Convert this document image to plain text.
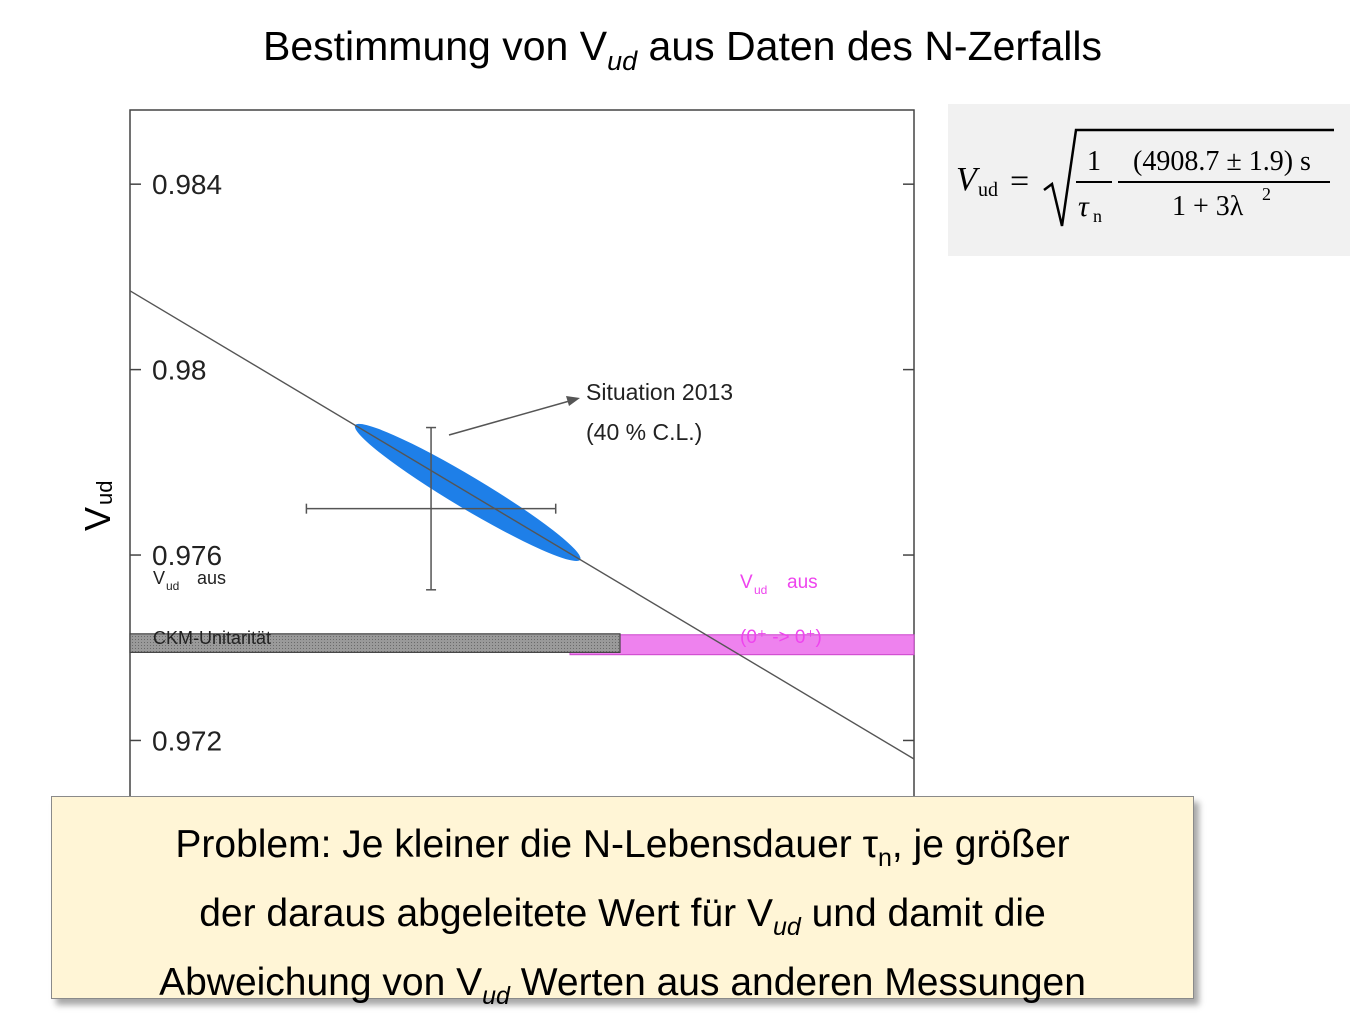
Bestimmung von $V_{ud}$ aus Daten des N-Zerfalls
V ud =
1
τ n
(4908.7 ± 1.9) s
1 + 3λ 2
0.972
0.976
0.98
0.984
V
ud
Situation 2013
(40 % C.L.)
V ud aus
CKM-Unitarität
V ud aus
(0⁺ -> 0⁺)
Problem: Je kleiner die N-Lebensdauer $\tau_n$, je größer
der daraus abgeleitete Wert für $V_{ud}$ und damit die
Abweichung von $V_{ud}$ Werten aus anderen Messungen
